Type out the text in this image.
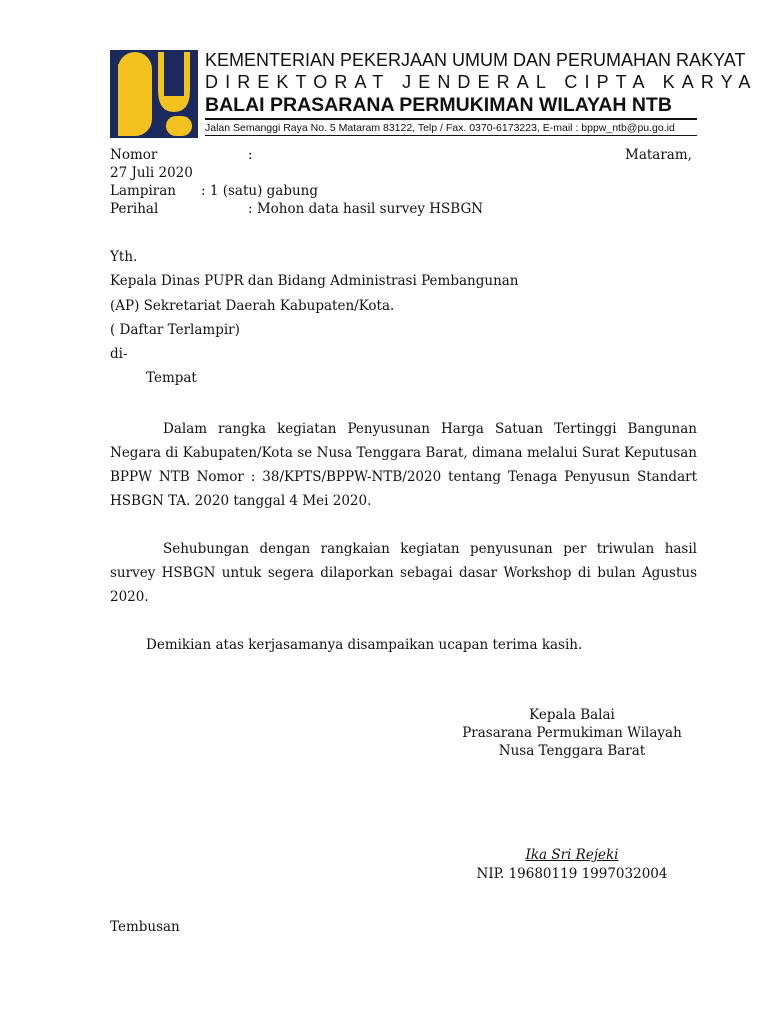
KEMENTERIAN PEKERJAAN UMUM DAN PERUMAHAN RAKYAT
DIREKTORAT JENDERAL CIPTA KARYA
BALAI PRASARANA PERMUKIMAN WILAYAH NTB
Jalan Semanggi Raya No. 5 Mataram 83122, Telp / Fax. 0370-6173223, E-mail : bppw_ntb@pu.go.id
Nomor	:	Mataram,
27 Juli 2020
Lampiran : 1 (satu) gabung
Perihal	: Mohon data hasil survey HSBGN
Yth.
Kepala Dinas PUPR dan Bidang Administrasi Pembangunan
(AP) Sekretariat Daerah Kabupaten/Kota.
( Daftar Terlampir)
di-
Tempat
Dalam rangka kegiatan Penyusunan Harga Satuan Tertinggi Bangunan Negara di Kabupaten/Kota se Nusa Tenggara Barat, dimana melalui Surat Keputusan BPPW NTB Nomor : 38/KPTS/BPPW-NTB/2020 tentang Tenaga Penyusun Standart HSBGN TA. 2020 tanggal 4 Mei 2020.
Sehubungan dengan rangkaian kegiatan penyusunan per triwulan hasil survey HSBGN untuk segera dilaporkan sebagai dasar Workshop di bulan Agustus 2020.
Demikian atas kerjasamanya disampaikan ucapan terima kasih.
Kepala Balai
Prasarana Permukiman Wilayah
Nusa Tenggara Barat
Ika Sri Rejeki
NIP. 19680119 1997032004
Tembusan
